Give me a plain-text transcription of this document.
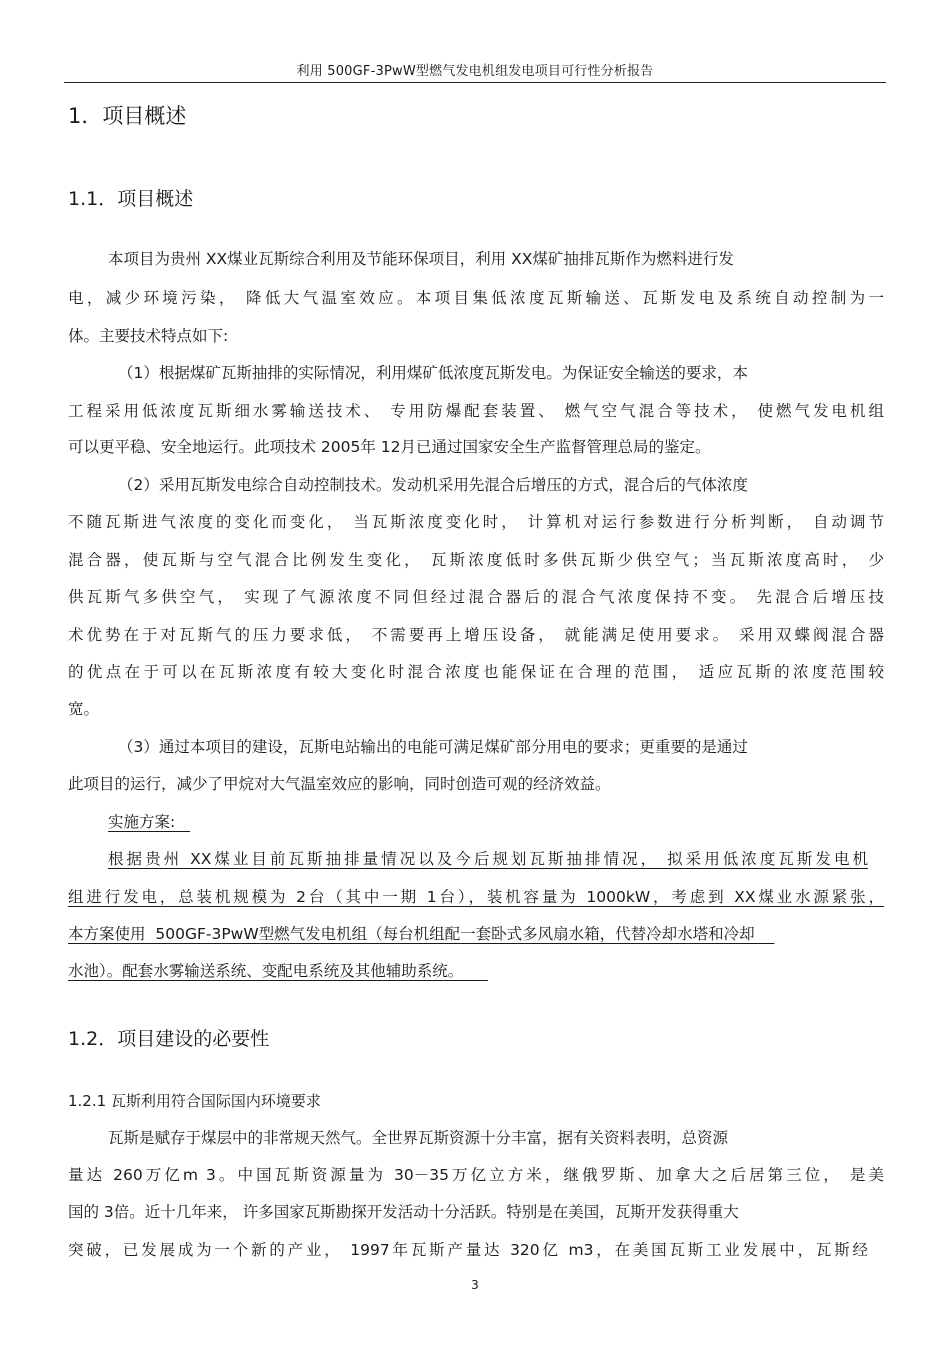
利用 500GF-3PwW型燃气发电机组发电项目可行性分析报告
1．项目概述
1.1．项目概述
本项目为贵州 XX煤业瓦斯综合利用及节能环保项目，利用 XX煤矿抽排瓦斯作为燃料进行发
电，减少环境污染， 降低大气温室效应。本项目集低浓度瓦斯输送、瓦斯发电及系统自动控制为一
体。主要技术特点如下:
（1）根据煤矿瓦斯抽排的实际情况，利用煤矿低浓度瓦斯发电。为保证安全输送的要求，本
工程采用低浓度瓦斯细水雾输送技术、 专用防爆配套装置、 燃气空气混合等技术， 使燃气发电机组
可以更平稳、安全地运行。此项技术 2005年 12月已通过国家安全生产监督管理总局的鉴定。
（2）采用瓦斯发电综合自动控制技术。发动机采用先混合后增压的方式，混合后的气体浓度
不随瓦斯进气浓度的变化而变化， 当瓦斯浓度变化时， 计算机对运行参数进行分析判断， 自动调节
混合器，使瓦斯与空气混合比例发生变化， 瓦斯浓度低时多供瓦斯少供空气；当瓦斯浓度高时， 少
供瓦斯气多供空气， 实现了气源浓度不同但经过混合器后的混合气浓度保持不变。 先混合后增压技
术优势在于对瓦斯气的压力要求低， 不需要再上增压设备， 就能满足使用要求。 采用双蝶阀混合器
的优点在于可以在瓦斯浓度有较大变化时混合浓度也能保证在合理的范围， 适应瓦斯的浓度范围较
宽。
（3）通过本项目的建设，瓦斯电站输出的电能可满足煤矿部分用电的要求；更重要的是通过
此项目的运行，减少了甲烷对大气温室效应的影响，同时创造可观的经济效益。
实施方案:
根据贵州 XX煤业目前瓦斯抽排量情况以及今后规划瓦斯抽排情况， 拟采用低浓度瓦斯发电机
组进行发电，总装机规模为 2台（其中一期 1台），装机容量为 1000kW，考虑到 XX煤业水源紧张，
本方案使用  500GF-3PwW型燃气发电机组（每台机组配一套卧式多风扇水箱，代替冷却水塔和冷却
水池）。配套水雾输送系统、变配电系统及其他辅助系统。
1.2．项目建设的必要性
1.2.1 瓦斯利用符合国际国内环境要求
瓦斯是赋存于煤层中的非常规天然气。全世界瓦斯资源十分丰富，据有关资料表明，总资源
量达 260万亿m 3。中国瓦斯资源量为 30－35万亿立方米，继俄罗斯、加拿大之后居第三位， 是美
国的 3倍。近十几年来， 许多国家瓦斯勘探开发活动十分活跃。特别是在美国，瓦斯开发获得重大
突破，已发展成为一个新的产业， 1997年瓦斯产量达 320亿 m3，在美国瓦斯工业发展中，瓦斯经
3
